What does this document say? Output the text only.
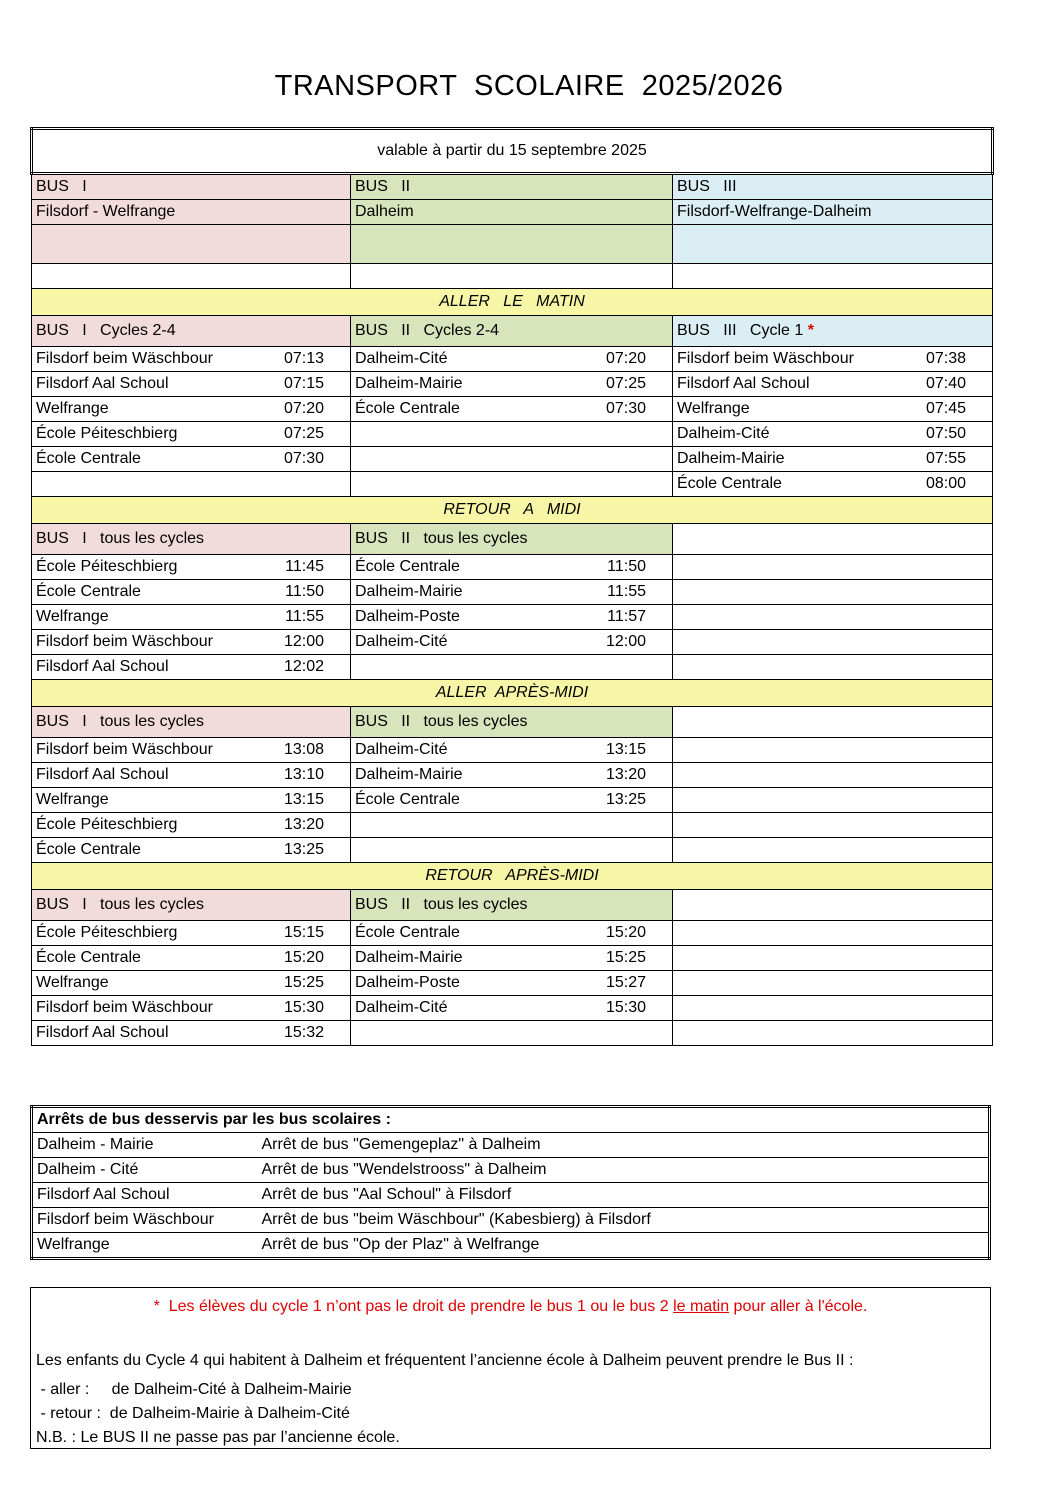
TRANSPORT  SCOLAIRE  2025/2026
valable à partir du 15 septembre 2025		
BUS   I	BUS   II	BUS   III
Filsdorf - Welfrange	Dalheim	Filsdorf-Welfrange-Dalheim

ALLER   LE   MATIN		
BUS   I   Cycles 2-4	BUS   II   Cycles 2-4	BUS   III   Cycle 1 *

Filsdorf beim Wäschbour 07:13	Dalheim-Cité 07:20	Filsdorf beim Wäschbour 07:38

Filsdorf Aal Schoul 07:15	Dalheim-Mairie 07:25	Filsdorf Aal Schoul 07:40

Welfrange 07:20	École Centrale 07:30	Welfrange 07:45

École Péiteschbierg 07:25		Dalheim-Cité 07:50

École Centrale 07:30		Dalheim-Mairie 07:55

		École Centrale 08:00

RETOUR   A   MIDI		
BUS   I   tous les cycles	BUS   II   tous les cycles	

École Péiteschbierg 11:45	École Centrale 11:50	

École Centrale 11:50	Dalheim-Mairie 11:55	

Welfrange 11:55	Dalheim-Poste 11:57	

Filsdorf beim Wäschbour 12:00	Dalheim-Cité 12:00	

Filsdorf Aal Schoul 12:02		

ALLER  APRÈS-MIDI		
BUS   I   tous les cycles	BUS   II   tous les cycles	

Filsdorf beim Wäschbour 13:08	Dalheim-Cité 13:15	

Filsdorf Aal Schoul 13:10	Dalheim-Mairie 13:20	

Welfrange 13:15	École Centrale 13:25	

École Péiteschbierg 13:20		

École Centrale 13:25		

RETOUR   APRÈS-MIDI		
BUS   I   tous les cycles	BUS   II   tous les cycles	

École Péiteschbierg 15:15	École Centrale 15:20	

École Centrale 15:20	Dalheim-Mairie 15:25	

Welfrange 15:25	Dalheim-Poste 15:27	

Filsdorf beim Wäschbour 15:30	Dalheim-Cité 15:30	

Filsdorf Aal Schoul 15:32		

Arrêts de bus desservis par les bus scolaires :	
Dalheim - Mairie	Arrêt de bus "Gemengeplaz" à Dalheim
Dalheim - Cité	Arrêt de bus "Wendelstrooss" à Dalheim
Filsdorf Aal Schoul	Arrêt de bus "Aal Schoul" à Filsdorf
Filsdorf beim Wäschbour	Arrêt de bus "beim Wäschbour" (Kabesbierg) à Filsdorf
Welfrange	Arrêt de bus "Op der Plaz" à Welfrange
*  Les élèves du cycle 1 n’ont pas le droit de prendre le bus 1 ou le bus 2 le matin pour aller à l'école.
Les enfants du Cycle 4 qui habitent à Dalheim et fréquentent l’ancienne école à Dalheim peuvent prendre le Bus II :
- aller :     de Dalheim-Cité à Dalheim-Mairie
- retour :  de Dalheim-Mairie à Dalheim-Cité
N.B. : Le BUS II ne passe pas par l’ancienne école.
